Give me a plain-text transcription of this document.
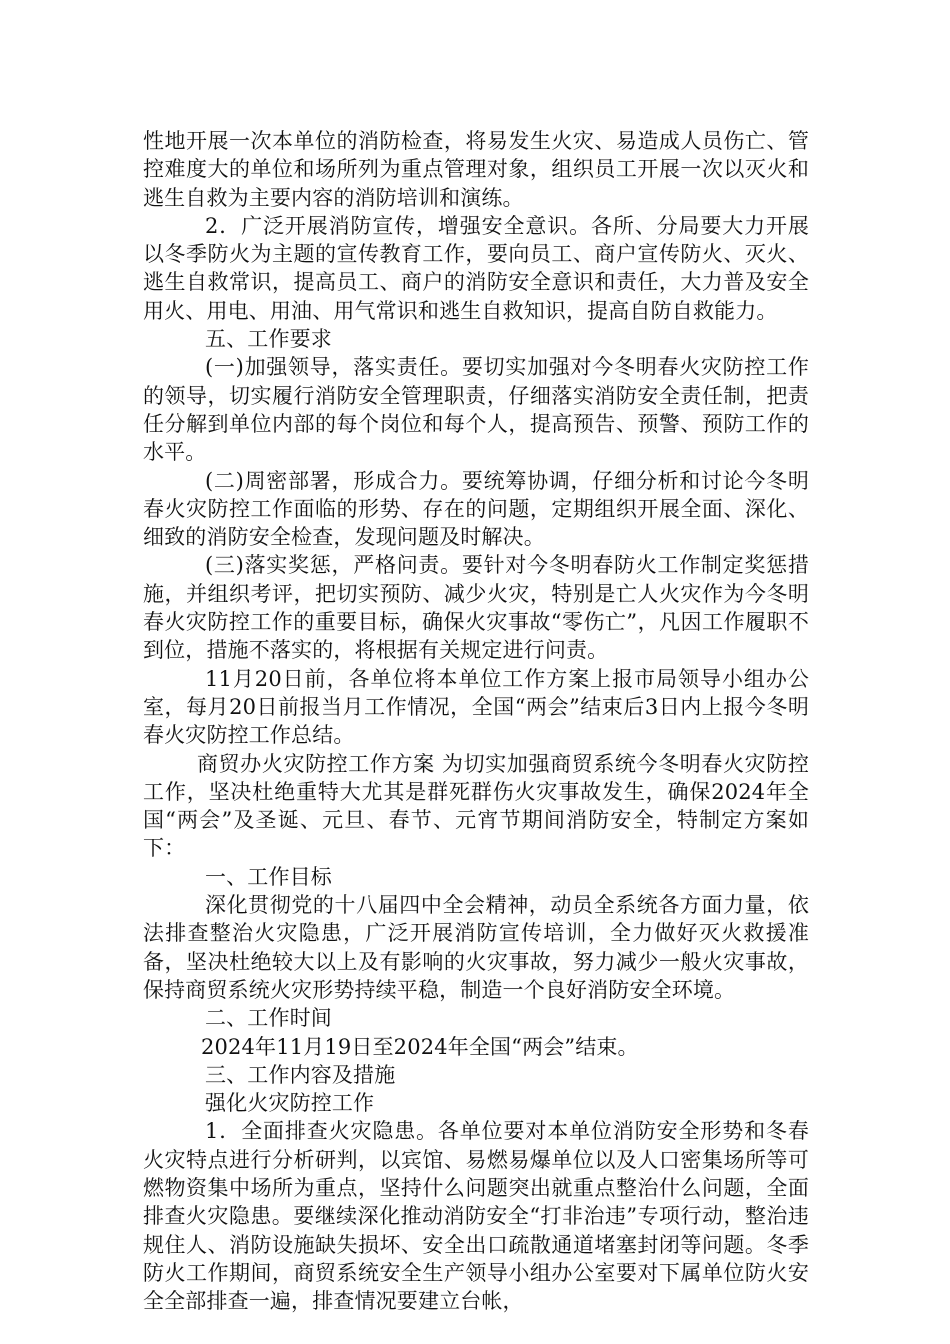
性地开展一次本单位的消防检查，将易发生火灾、易造成人员伤亡、管控难度大的单位和场所列为重点管理对象，组织员工开展一次以灭火和逃生自救为主要内容的消防培训和演练。

2．广泛开展消防宣传，增强安全意识。各所、分局要大力开展以冬季防火为主题的宣传教育工作，要向员工、商户宣传防火、灭火、逃生自救常识，提高员工、商户的消防安全意识和责任，大力普及安全用火、用电、用油、用气常识和逃生自救知识，提高自防自救能力。

五、工作要求

(一)加强领导，落实责任。要切实加强对今冬明春火灾防控工作的领导，切实履行消防安全管理职责，仔细落实消防安全责任制，把责任分解到单位内部的每个岗位和每个人，提高预告、预警、预防工作的水平。

(二)周密部署，形成合力。要统筹协调，仔细分析和讨论今冬明春火灾防控工作面临的形势、存在的问题，定期组织开展全面、深化、细致的消防安全检查，发现问题及时解决。

(三)落实奖惩，严格问责。要针对今冬明春防火工作制定奖惩措施，并组织考评，把切实预防、减少火灾，特别是亡人火灾作为今冬明春火灾防控工作的重要目标，确保火灾事故“零伤亡”，凡因工作履职不到位，措施不落实的，将根据有关规定进行问责。

11月20日前，各单位将本单位工作方案上报市局领导小组办公室，每月20日前报当月工作情况，全国“两会”结束后3日内上报今冬明春火灾防控工作总结。

商贸办火灾防控工作方案 为切实加强商贸系统今冬明春火灾防控工作，坚决杜绝重特大尤其是群死群伤火灾事故发生，确保2024年全国“两会”及圣诞、元旦、春节、元宵节期间消防安全，特制定方案如下：

一、工作目标

深化贯彻党的十八届四中全会精神，动员全系统各方面力量，依法排查整治火灾隐患，广泛开展消防宣传培训，全力做好灭火救援准备，坚决杜绝较大以上及有影响的火灾事故，努力减少一般火灾事故，保持商贸系统火灾形势持续平稳，制造一个良好消防安全环境。

二、工作时间

2024年11月19日至2024年全国“两会”结束。

三、工作内容及措施

强化火灾防控工作

1．全面排查火灾隐患。各单位要对本单位消防安全形势和冬春火灾特点进行分析研判，以宾馆、易燃易爆单位以及人口密集场所等可燃物资集中场所为重点，坚持什么问题突出就重点整治什么问题，全面排查火灾隐患。要继续深化推动消防安全“打非治违”专项行动，整治违规住人、消防设施缺失损坏、安全出口疏散通道堵塞封闭等问题。冬季防火工作期间，商贸系统安全生产领导小组办公室要对下属单位防火安全全部排查一遍，排查情况要建立台帐，
